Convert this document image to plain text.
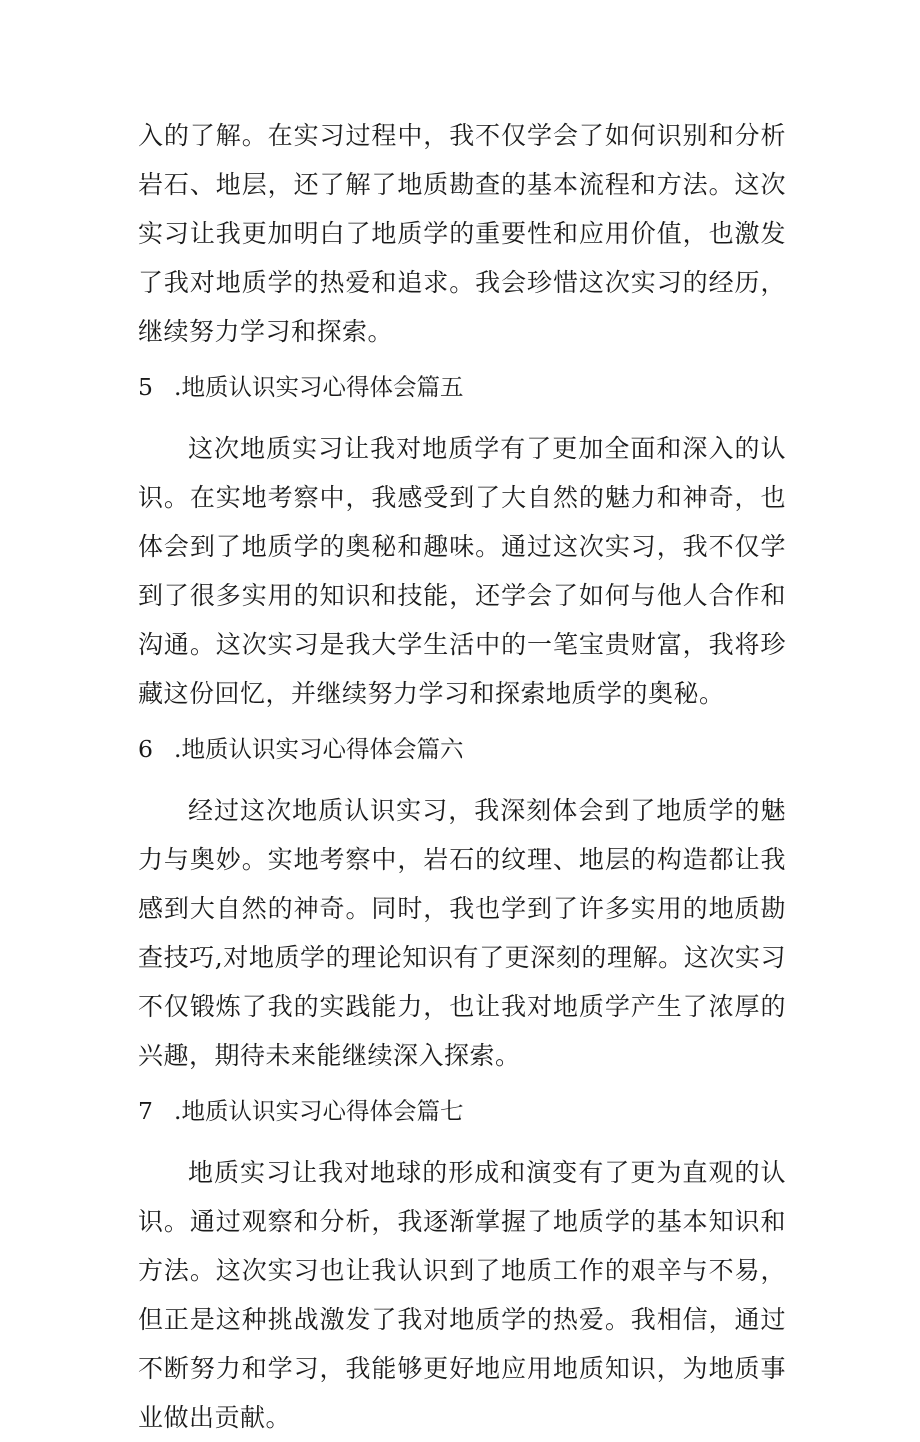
入的了解。在实习过程中，我不仅学会了如何识别和分析岩石、地层，还了解了地质勘查的基本流程和方法。这次实习让我更加明白了地质学的重要性和应用价值，也激发了我对地质学的热爱和追求。我会珍惜这次实习的经历，继续努力学习和探索。

5 .地质认识实习心得体会篇五

这次地质实习让我对地质学有了更加全面和深入的认识。在实地考察中，我感受到了大自然的魅力和神奇，也体会到了地质学的奥秘和趣味。通过这次实习，我不仅学到了很多实用的知识和技能，还学会了如何与他人合作和沟通。这次实习是我大学生活中的一笔宝贵财富，我将珍藏这份回忆，并继续努力学习和探索地质学的奥秘。

6 .地质认识实习心得体会篇六

经过这次地质认识实习，我深刻体会到了地质学的魅力与奥妙。实地考察中，岩石的纹理、地层的构造都让我感到大自然的神奇。同时，我也学到了许多实用的地质勘查技巧,对地质学的理论知识有了更深刻的理解。这次实习不仅锻炼了我的实践能力，也让我对地质学产生了浓厚的兴趣，期待未来能继续深入探索。

7 .地质认识实习心得体会篇七

地质实习让我对地球的形成和演变有了更为直观的认识。通过观察和分析，我逐渐掌握了地质学的基本知识和方法。这次实习也让我认识到了地质工作的艰辛与不易，但正是这种挑战激发了我对地质学的热爱。我相信，通过不断努力和学习，我能够更好地应用地质知识，为地质事业做出贡献。
